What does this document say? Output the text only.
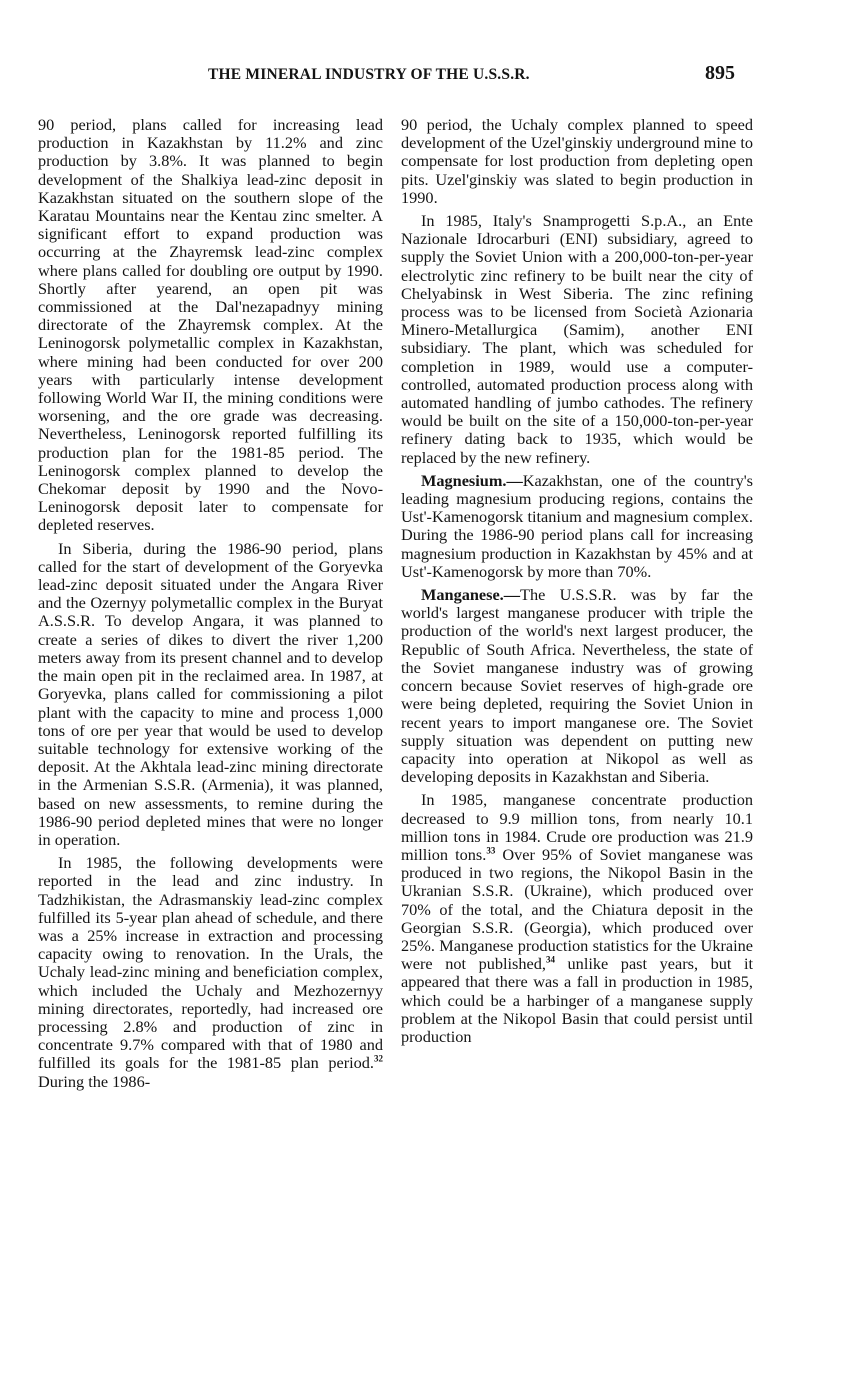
THE MINERAL INDUSTRY OF THE U.S.S.R.	895

90 period, plans called for increasing lead production in Kazakhstan by 11.2% and zinc production by 3.8%. It was planned to begin development of the Shalkiya lead-zinc deposit in Kazakhstan situated on the southern slope of the Karatau Mountains near the Kentau zinc smelter. A significant effort to expand production was occurring at the Zhayremsk lead-zinc complex where plans called for doubling ore output by 1990. Shortly after yearend, an open pit was commissioned at the Dal'nezapadnyy mining directorate of the Zhayremsk complex. At the Leninogorsk polymetallic complex in Kazakhstan, where mining had been conducted for over 200 years with particularly intense development following World War II, the mining conditions were worsening, and the ore grade was decreasing. Nevertheless, Leninogorsk reported fulfilling its production plan for the 1981-85 period. The Leninogorsk complex planned to develop the Chekomar deposit by 1990 and the Novo-Leninogorsk deposit later to compensate for depleted reserves.

In Siberia, during the 1986-90 period, plans called for the start of development of the Goryevka lead-zinc deposit situated under the Angara River and the Ozernyy polymetallic complex in the Buryat A.S.S.R. To develop Angara, it was planned to create a series of dikes to divert the river 1,200 meters away from its present channel and to develop the main open pit in the reclaimed area. In 1987, at Goryevka, plans called for commissioning a pilot plant with the capacity to mine and process 1,000 tons of ore per year that would be used to develop suitable technology for extensive working of the deposit. At the Akhtala lead-zinc mining directorate in the Armenian S.S.R. (Armenia), it was planned, based on new assessments, to remine during the 1986-90 period depleted mines that were no longer in operation.

In 1985, the following developments were reported in the lead and zinc industry. In Tadzhikistan, the Adrasmanskiy lead-zinc complex fulfilled its 5-year plan ahead of schedule, and there was a 25% increase in extraction and processing capacity owing to renovation. In the Urals, the Uchaly lead-zinc mining and beneficiation complex, which included the Uchaly and Mezhozernyy mining directorates, reportedly, had increased ore processing 2.8% and production of zinc in concentrate 9.7% compared with that of 1980 and fulfilled its goals for the 1981-85 plan period.$^{32}$ During the 1986-

90 period, the Uchaly complex planned to speed development of the Uzel'ginskiy underground mine to compensate for lost production from depleting open pits. Uzel'ginskiy was slated to begin production in 1990.

In 1985, Italy's Snamprogetti S.p.A., an Ente Nazionale Idrocarburi (ENI) subsidiary, agreed to supply the Soviet Union with a 200,000-ton-per-year electrolytic zinc refinery to be built near the city of Chelyabinsk in West Siberia. The zinc refining process was to be licensed from Società Azionaria Minero-Metallurgica (Samim), another ENI subsidiary. The plant, which was scheduled for completion in 1989, would use a computer-controlled, automated production process along with automated handling of jumbo cathodes. The refinery would be built on the site of a 150,000-ton-per-year refinery dating back to 1935, which would be replaced by the new refinery.

Magnesium.—Kazakhstan, one of the country's leading magnesium producing regions, contains the Ust'-Kamenogorsk titanium and magnesium complex. During the 1986-90 period plans call for increasing magnesium production in Kazakhstan by 45% and at Ust'-Kamenogorsk by more than 70%.

Manganese.—The U.S.S.R. was by far the world's largest manganese producer with triple the production of the world's next largest producer, the Republic of South Africa. Nevertheless, the state of the Soviet manganese industry was of growing concern because Soviet reserves of high-grade ore were being depleted, requiring the Soviet Union in recent years to import manganese ore. The Soviet supply situation was dependent on putting new capacity into operation at Nikopol as well as developing deposits in Kazakhstan and Siberia.

In 1985, manganese concentrate production decreased to 9.9 million tons, from nearly 10.1 million tons in 1984. Crude ore production was 21.9 million tons.$^{33}$ Over 95% of Soviet manganese was produced in two regions, the Nikopol Basin in the Ukranian S.S.R. (Ukraine), which produced over 70% of the total, and the Chiatura deposit in the Georgian S.S.R. (Georgia), which produced over 25%. Manganese production statistics for the Ukraine were not published,$^{34}$ unlike past years, but it appeared that there was a fall in production in 1985, which could be a harbinger of a manganese supply problem at the Nikopol Basin that could persist until production
